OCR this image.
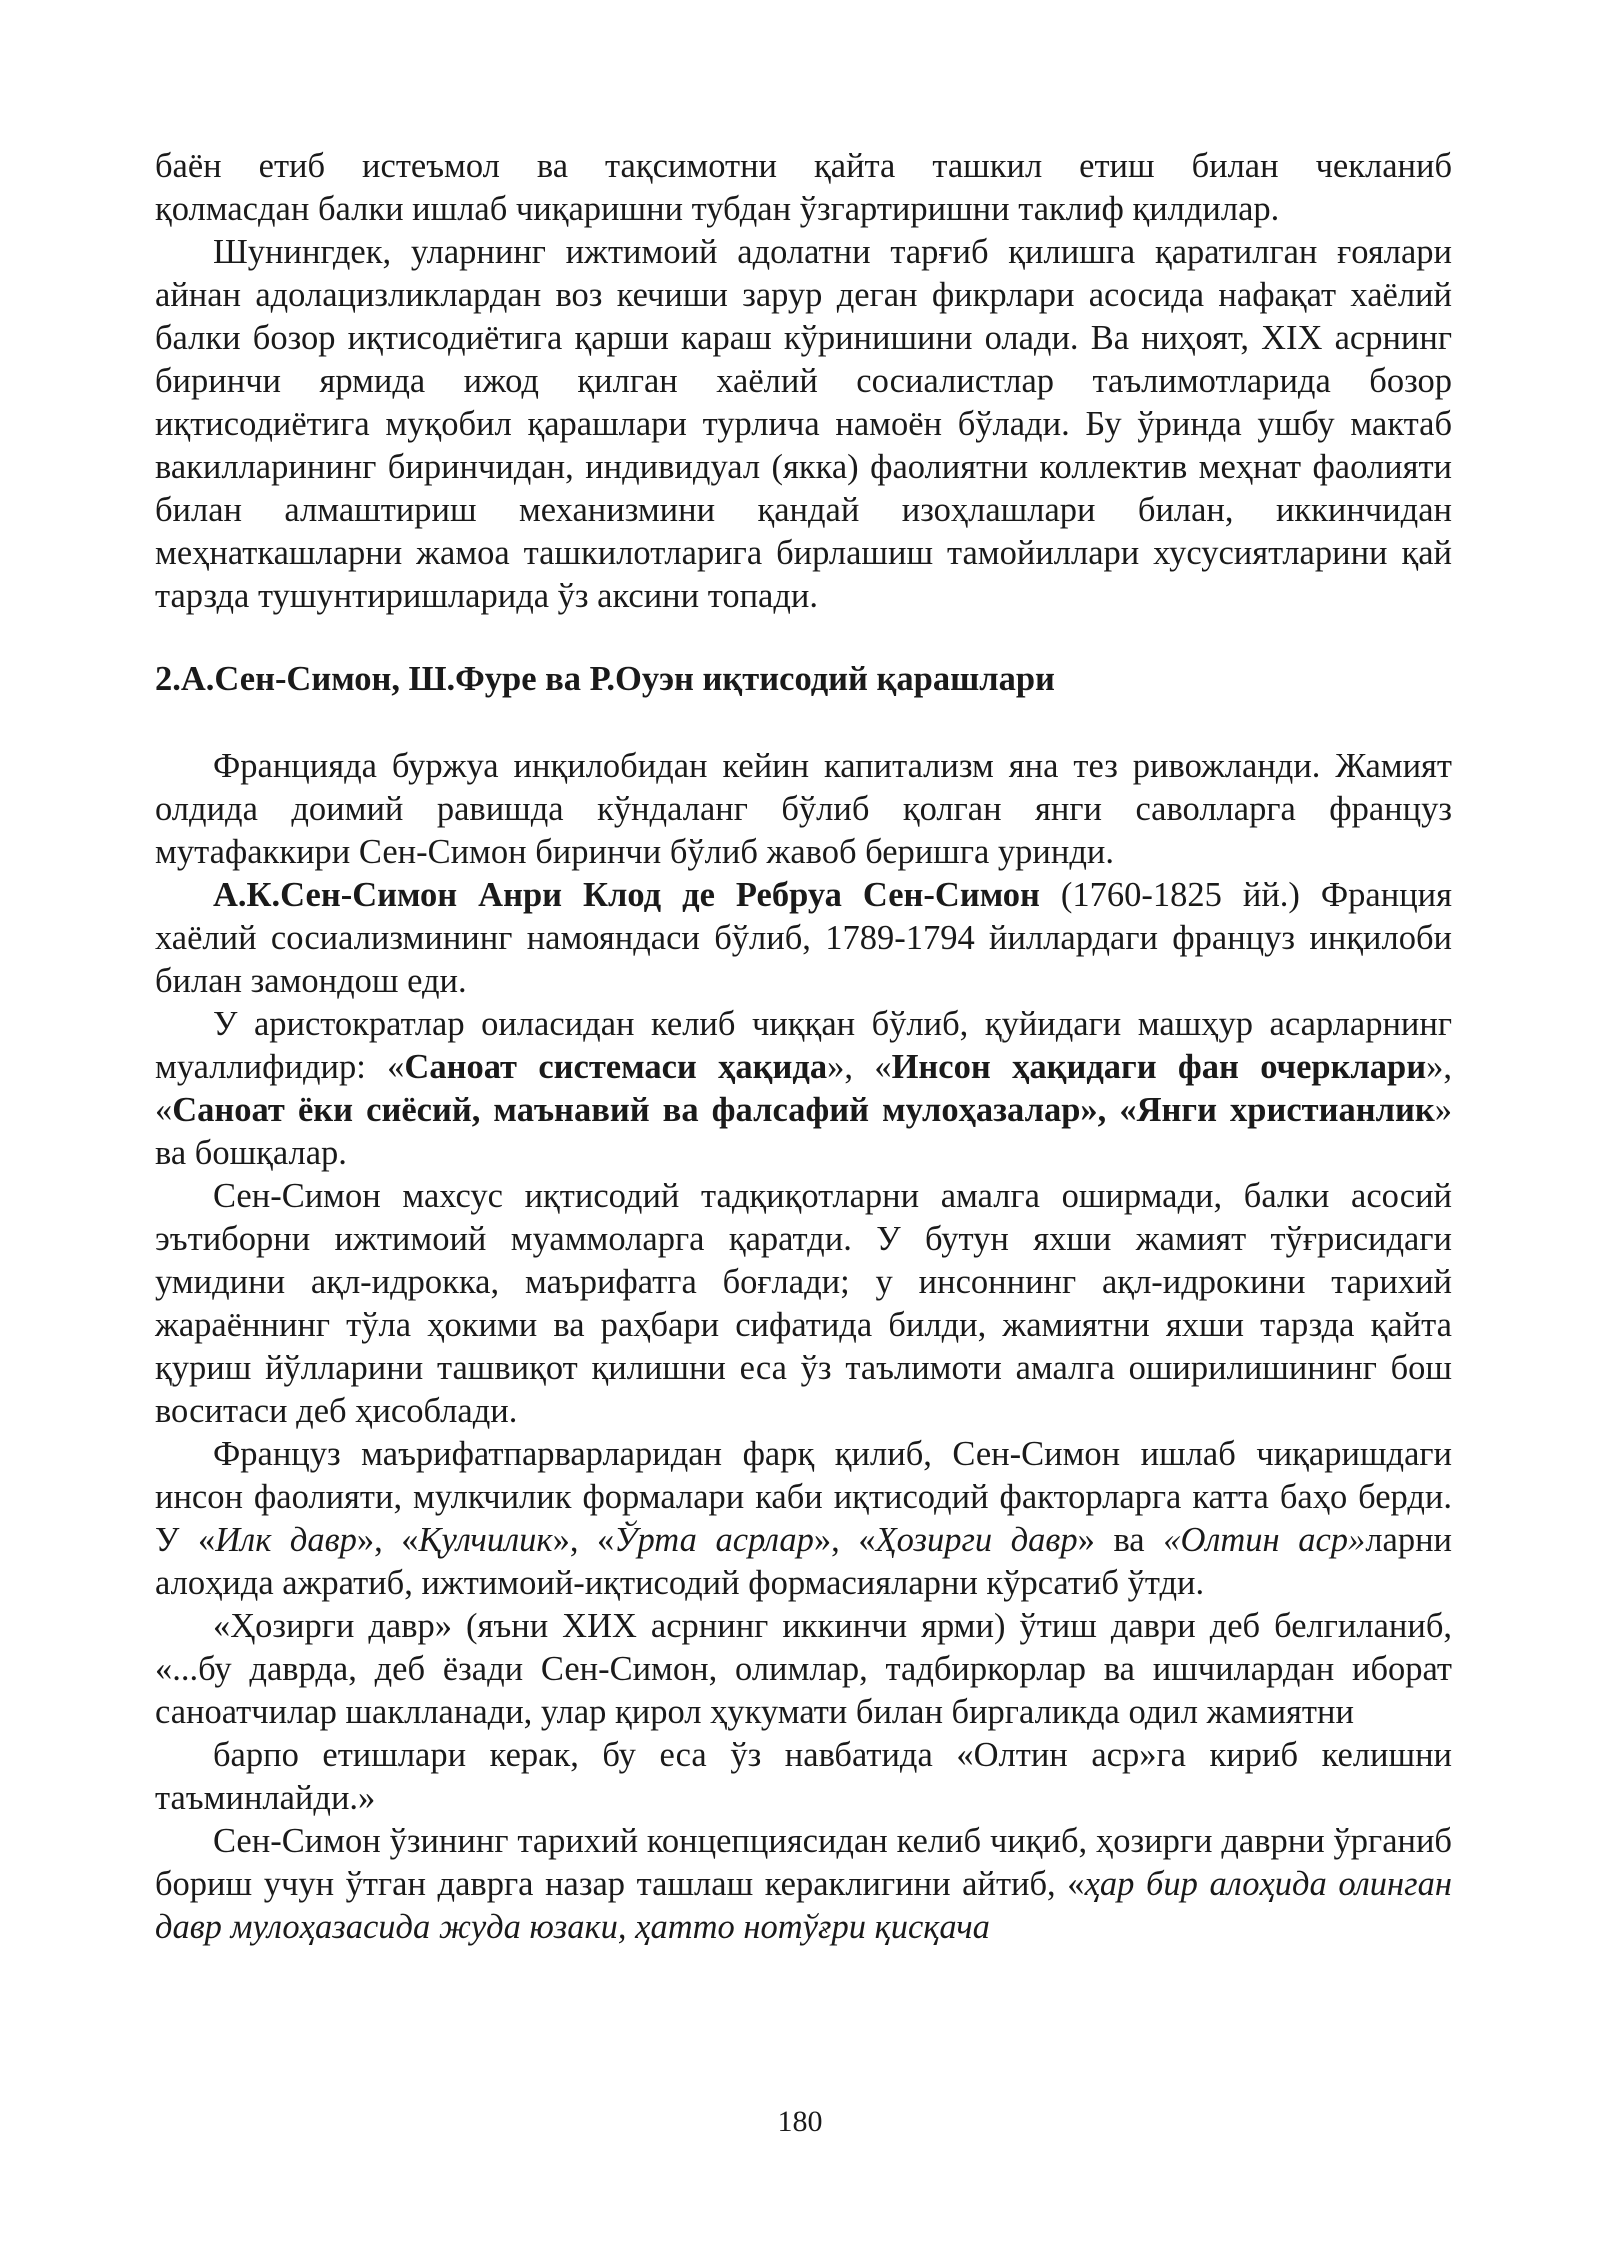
баён етиб истеъмол ва тақсимотни қайта ташкил етиш билан чекланиб

қолмасдан балки ишлаб чиқаришни тубдан ўзгартиришни таклиф қилдилар.

Шунингдек, уларнинг ижтимоий адолатни тарғиб қилишга қаратилган ғоялари айнан адолацизликлардан воз кечиши зарур деган фикрлари асосида нафақат хаёлий балки бозор иқтисодиётига қарши караш кўринишини олади. Ва ниҳоят, XIX асрнинг биринчи ярмида ижод қилган хаёлий сосиалистлар таълимотларида бозор иқтисодиётига муқобил қарашлари турлича намоён бўлади. Бу ўринда ушбу мактаб вакилларининг биринчидан, индивидуал (якка) фаолиятни коллектив меҳнат фаолияти билан алмаштириш механизмини қандай изоҳлашлари билан, иккинчидан меҳнаткашларни жамоа ташкилотларига бирлашиш тамойиллари хусусиятларини қай тарзда тушунтиришларида ўз аксини топади.

2.А.Сен-Симон, Ш.Фуре ва Р.Оуэн иқтисодий қарашлари

Францияда буржуа инқилобидан кейин капитализм яна тез ривожланди. Жамият олдида доимий равишда кўндаланг бўлиб қолган янги саволларга француз мутафаккири Сен-Симон биринчи бўлиб жавоб беришга уринди.

А.К.Сен-Симон Анри Клод де Ребруа Сен-Симон (1760-1825 йй.) Франция хаёлий сосиализмининг намояндаси бўлиб, 1789-1794 йиллардаги француз инқилоби билан замондош еди.

У аристократлар оиласидан келиб чиққан бўлиб, қуйидаги машҳур асарларнинг муаллифидир: «Саноат системаси ҳақида», «Инсон ҳақидаги фан очерклари», «Саноат ёки сиёсий, маънавий ва фалсафий мулоҳазалар», «Янги христианлик» ва бошқалар.

Сен-Симон махсус иқтисодий тадқиқотларни амалга оширмади, балки асосий эътиборни ижтимоий муаммоларга қаратди. У бутун яхши жамият тўғрисидаги умидини ақл-идрокка, маърифатга боғлади; у инсоннинг ақл-идрокини тарихий жараённинг тўла ҳокими ва раҳбари сифатида билди, жамиятни яхши тарзда қайта қуриш йўлларини ташвиқот қилишни еса ўз таълимоти амалга оширилишининг бош воситаси деб ҳисоблади.

Француз маърифатпарварларидан фарқ қилиб, Сен-Симон ишлаб чиқаришдаги инсон фаолияти, мулкчилик формалари каби иқтисодий факторларга катта баҳо берди. У «Илк давр», «Қулчилик», «Ўрта асрлар», «Ҳозирги давр» ва «Олтин аср»ларни алоҳида ажратиб, ижтимоий-иқтисодий формасияларни кўрсатиб ўтди.

«Ҳозирги давр» (яъни ХИХ асрнинг иккинчи ярми) ўтиш даври деб белгиланиб, «...бу даврда, деб ёзади Сен-Симон, олимлар, тадбиркорлар ва ишчилардан иборат саноатчилар шаклланади, улар қирол ҳукумати билан биргаликда одил жамиятни

барпо етишлари керак, бу еса ўз навбатида «Олтин аср»га кириб келишни таъминлайди.»

Сен-Симон ўзининг тарихий концепциясидан келиб чиқиб, ҳозирги даврни ўрганиб бориш учун ўтган даврга назар ташлаш кераклигини айтиб, «ҳар бир алоҳида олинган давр мулоҳазасида жуда юзаки, ҳатто нотўғри қисқача

180
